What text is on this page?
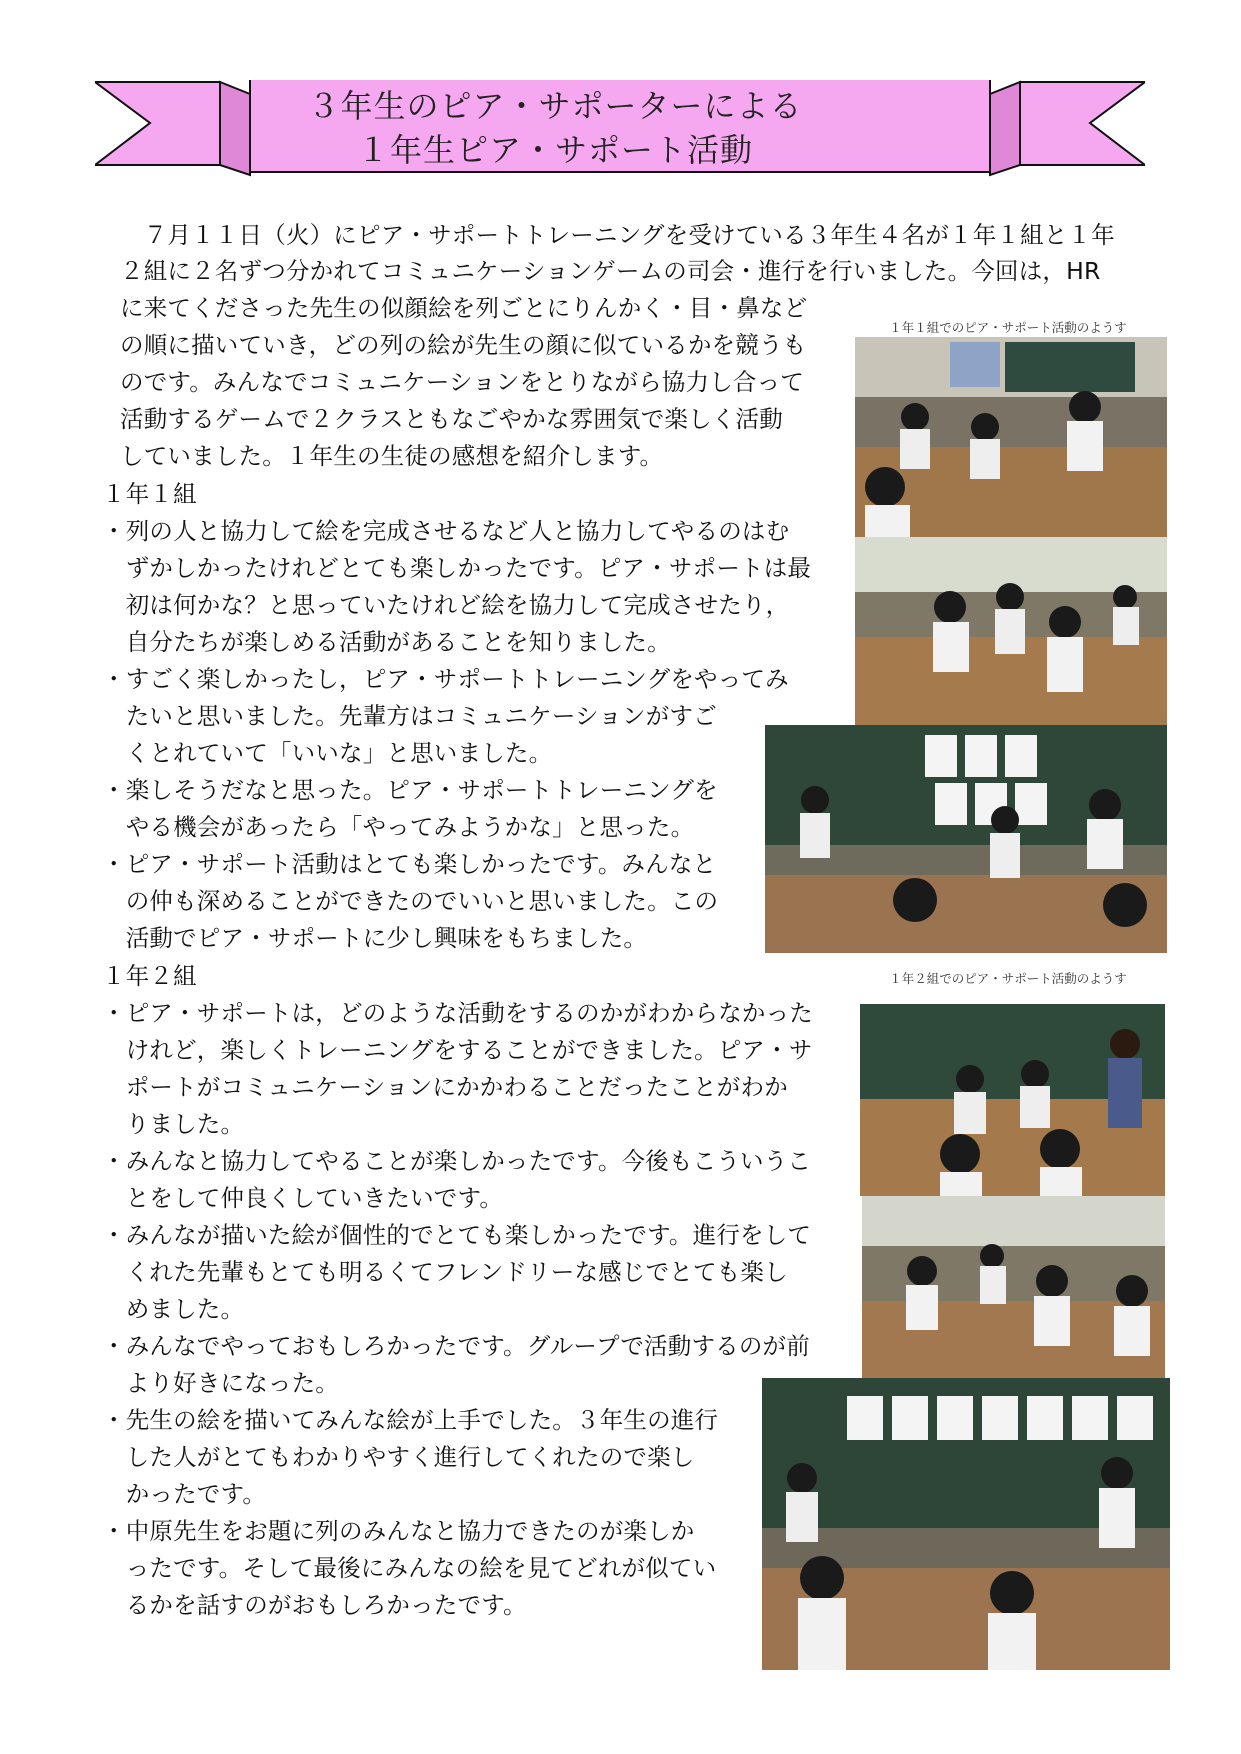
３年生のピア・サポーターによる
１年生ピア・サポート活動
　７月１１日（火）にピア・サポートトレーニングを受けている３年生４名が１年１組と１年
２組に２名ずつ分かれてコミュニケーションゲームの司会・進行を行いました。今回は，HR
に来てくださった先生の似顔絵を列ごとにりんかく・目・鼻など
の順に描いていき，どの列の絵が先生の顔に似ているかを競うも
のです。みんなでコミュニケーションをとりながら協力し合って
活動するゲームで２クラスともなごやかな雰囲気で楽しく活動
していました。１年生の生徒の感想を紹介します。
１年１組
・列の人と協力して絵を完成させるなど人と協力してやるのはむ
　ずかしかったけれどとても楽しかったです。ピア・サポートは最
　初は何かな？と思っていたけれど絵を協力して完成させたり，
　自分たちが楽しめる活動があることを知りました。
・すごく楽しかったし，ピア・サポートトレーニングをやってみ
　たいと思いました。先輩方はコミュニケーションがすご
　くとれていて「いいな」と思いました。
・楽しそうだなと思った。ピア・サポートトレーニングを
　やる機会があったら「やってみようかな」と思った。
・ピア・サポート活動はとても楽しかったです。みんなと
　の仲も深めることができたのでいいと思いました。この
　活動でピア・サポートに少し興味をもちました。
１年２組
・ピア・サポートは，どのような活動をするのかがわからなかった
　けれど，楽しくトレーニングをすることができました。ピア・サ
　ポートがコミュニケーションにかかわることだったことがわか
　りました。
・みんなと協力してやることが楽しかったです。今後もこういうこ
　とをして仲良くしていきたいです。
・みんなが描いた絵が個性的でとても楽しかったです。進行をして
　くれた先輩もとても明るくてフレンドリーな感じでとても楽し
　めました。
・みんなでやっておもしろかったです。グループで活動するのが前
　より好きになった。
・先生の絵を描いてみんな絵が上手でした。３年生の進行
　した人がとてもわかりやすく進行してくれたので楽し
　かったです。
・中原先生をお題に列のみんなと協力できたのが楽しか
　ったです。そして最後にみんなの絵を見てどれが似てい
　るかを話すのがおもしろかったです。
１年１組でのピア・サポート活動のようす
１年２組でのピア・サポート活動のようす
